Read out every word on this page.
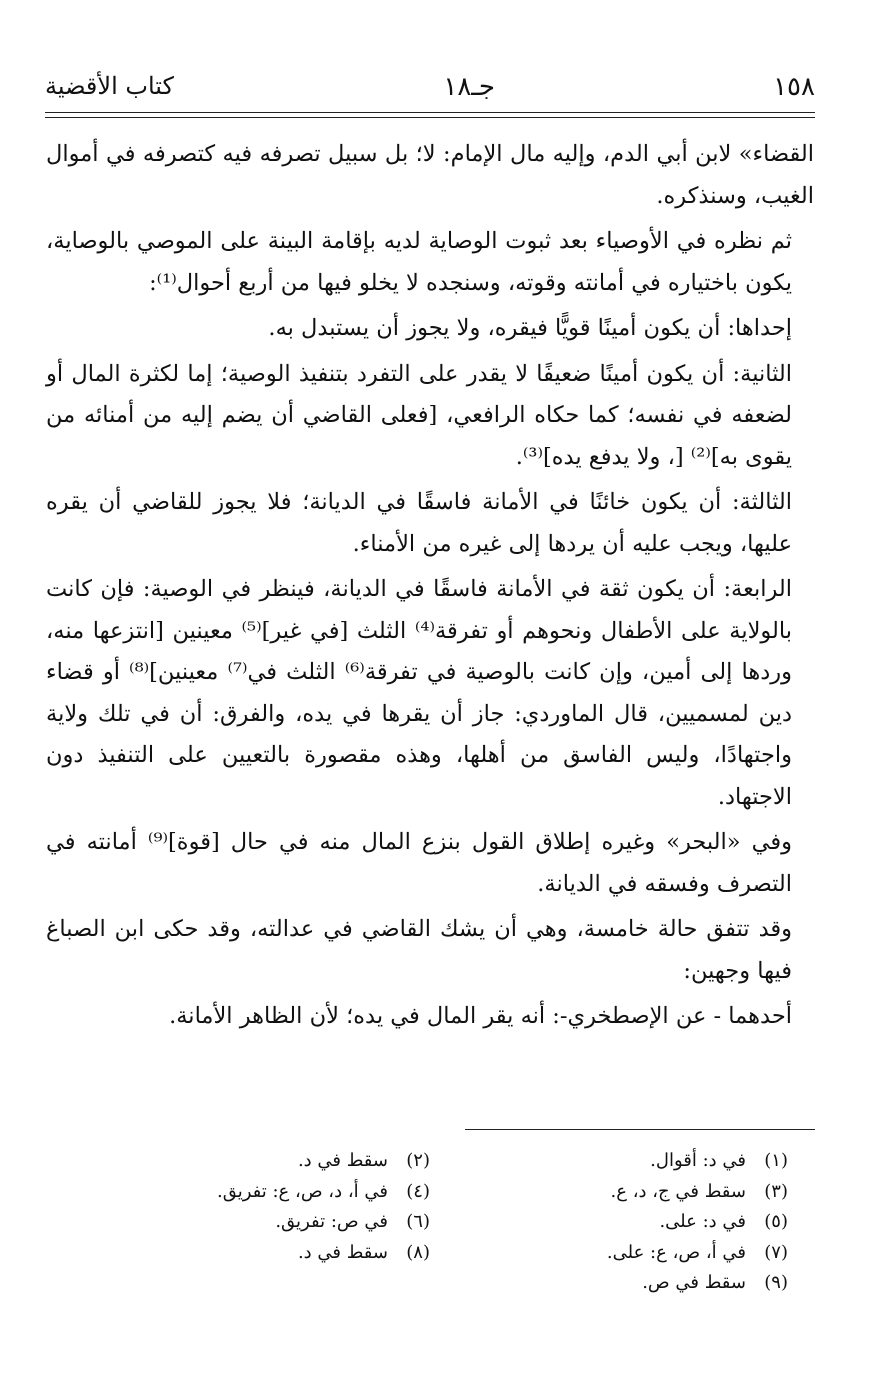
١٥٨
جـ١٨
كتاب الأقضية

القضاء» لابن أبي الدم، وإليه مال الإمام: لا؛ بل سبيل تصرفه فيه كتصرفه في أموال الغيب، وسنذكره.

ثم نظره في الأوصياء بعد ثبوت الوصاية لديه بإقامة البينة على الموصي بالوصاية، يكون باختياره في أمانته وقوته، وسنجده لا يخلو فيها من أربع أحوال⁽¹⁾:

إحداها: أن يكون أمينًا قويًّا فيقره، ولا يجوز أن يستبدل به.

الثانية: أن يكون أمينًا ضعيفًا لا يقدر على التفرد بتنفيذ الوصية؛ إما لكثرة المال أو لضعفه في نفسه؛ كما حكاه الرافعي، [فعلى القاضي أن يضم إليه من أمنائه من يقوى به]⁽²⁾ [، ولا يدفع يده]⁽³⁾.

الثالثة: أن يكون خائنًا في الأمانة فاسقًا في الديانة؛ فلا يجوز للقاضي أن يقره عليها، ويجب عليه أن يردها إلى غيره من الأمناء.

الرابعة: أن يكون ثقة في الأمانة فاسقًا في الديانة، فينظر في الوصية: فإن كانت بالولاية على الأطفال ونحوهم أو تفرقة⁽⁴⁾ الثلث [في غير]⁽⁵⁾ معينين [انتزعها منه، وردها إلى أمين، وإن كانت بالوصية في تفرقة⁽⁶⁾ الثلث في⁽⁷⁾ معينين]⁽⁸⁾ أو قضاء دين لمسميين، قال الماوردي: جاز أن يقرها في يده، والفرق: أن في تلك ولاية واجتهادًا، وليس الفاسق من أهلها، وهذه مقصورة بالتعيين على التنفيذ دون الاجتهاد.

وفي «البحر» وغيره إطلاق القول بنزع المال منه في حال [قوة]⁽⁹⁾ أمانته في التصرف وفسقه في الديانة.

وقد تتفق حالة خامسة، وهي أن يشك القاضي في عدالته، وقد حكى ابن الصباغ فيها وجهين:

أحدهما - عن الإصطخري-: أنه يقر المال في يده؛ لأن الظاهر الأمانة.

(١)في د: أقوال.
(٣)سقط في ج، د، ع.
(٥)في د: على.
(٧)في أ، ص، ع: على.
(٩)سقط في ص.
(٢)سقط في د.
(٤)في أ، د، ص، ع: تفريق.
(٦)في ص: تفريق.
(٨)سقط في د.
